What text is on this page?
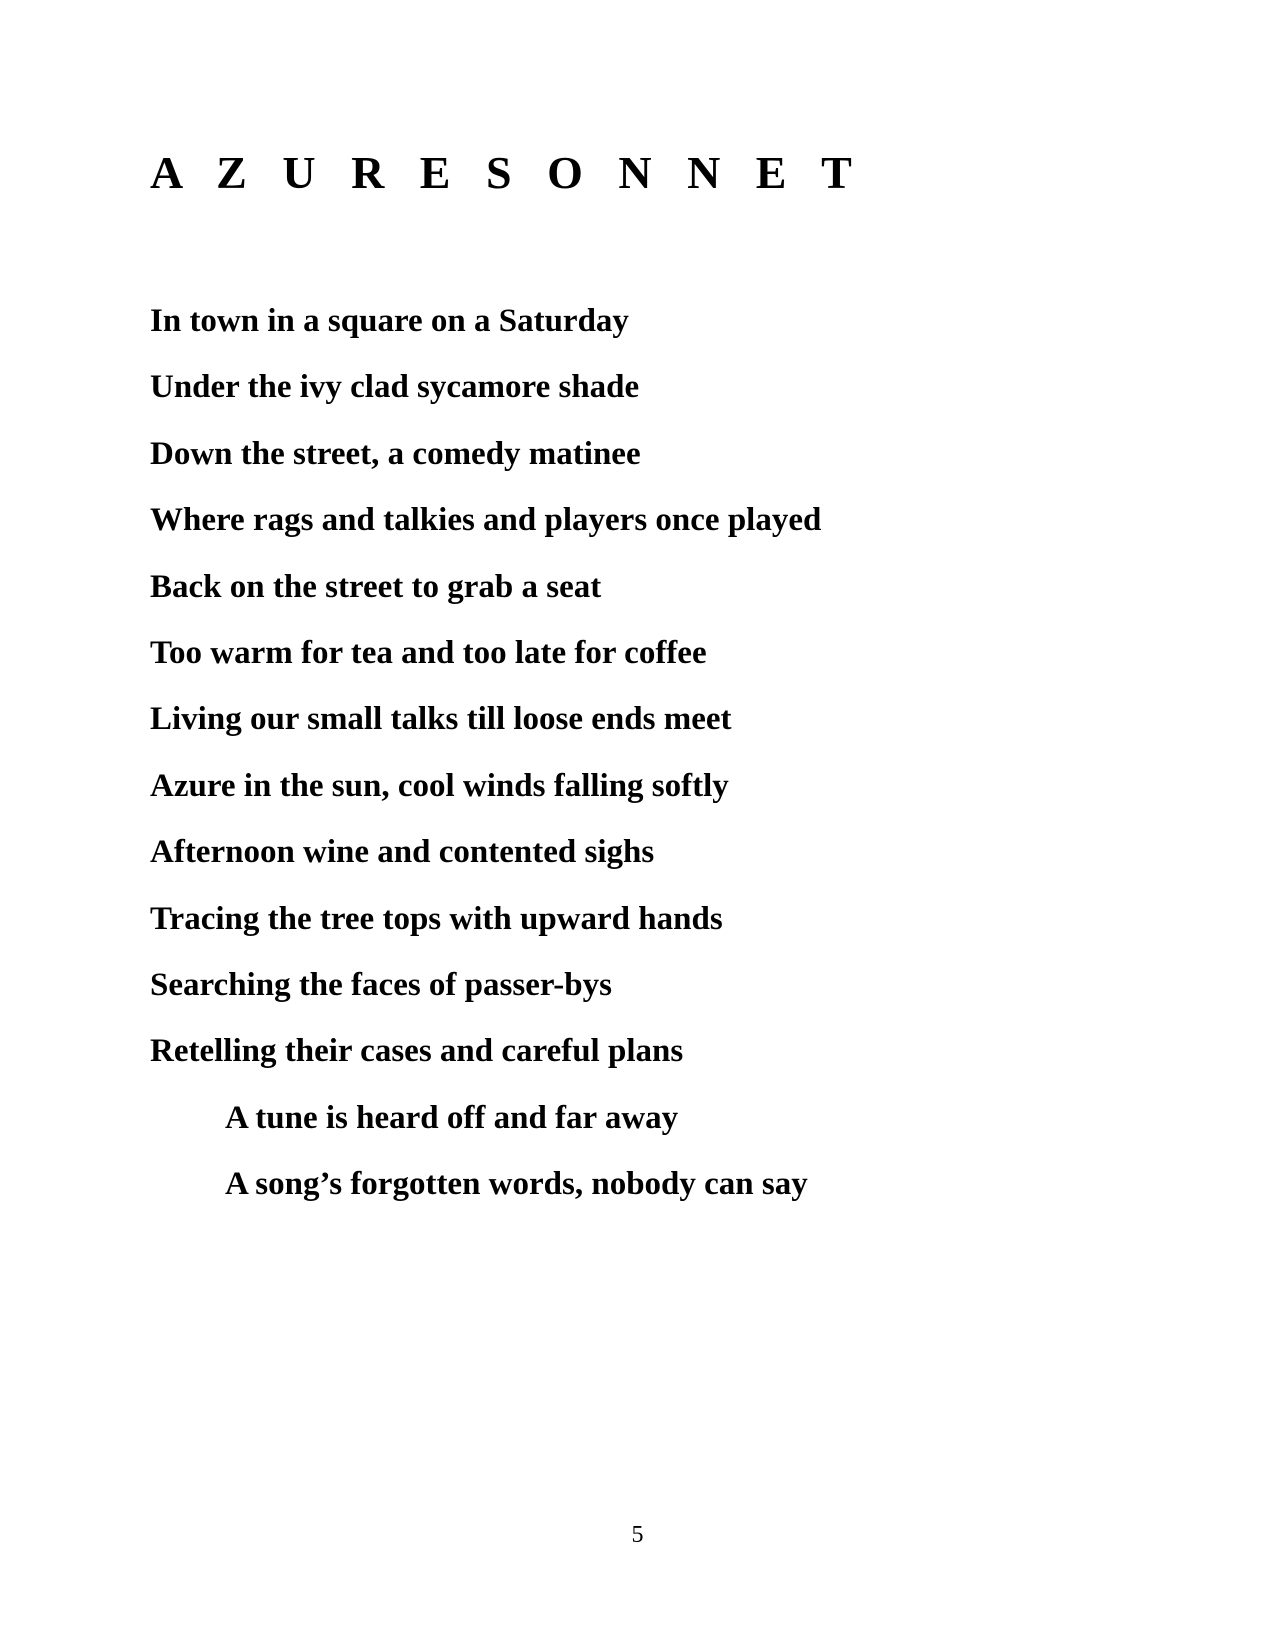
A Z U R E S O N N E T
In town in a square on a Saturday
Under the ivy clad sycamore shade
Down the street, a comedy matinee
Where rags and talkies and players once played
Back on the street to grab a seat
Too warm for tea and too late for coffee
Living our small talks till loose ends meet
Azure in the sun, cool winds falling softly
Afternoon wine and contented sighs
Tracing the tree tops with upward hands
Searching the faces of passer-bys
Retelling their cases and careful plans
A tune is heard off and far away
A song’s forgotten words, nobody can say
5
